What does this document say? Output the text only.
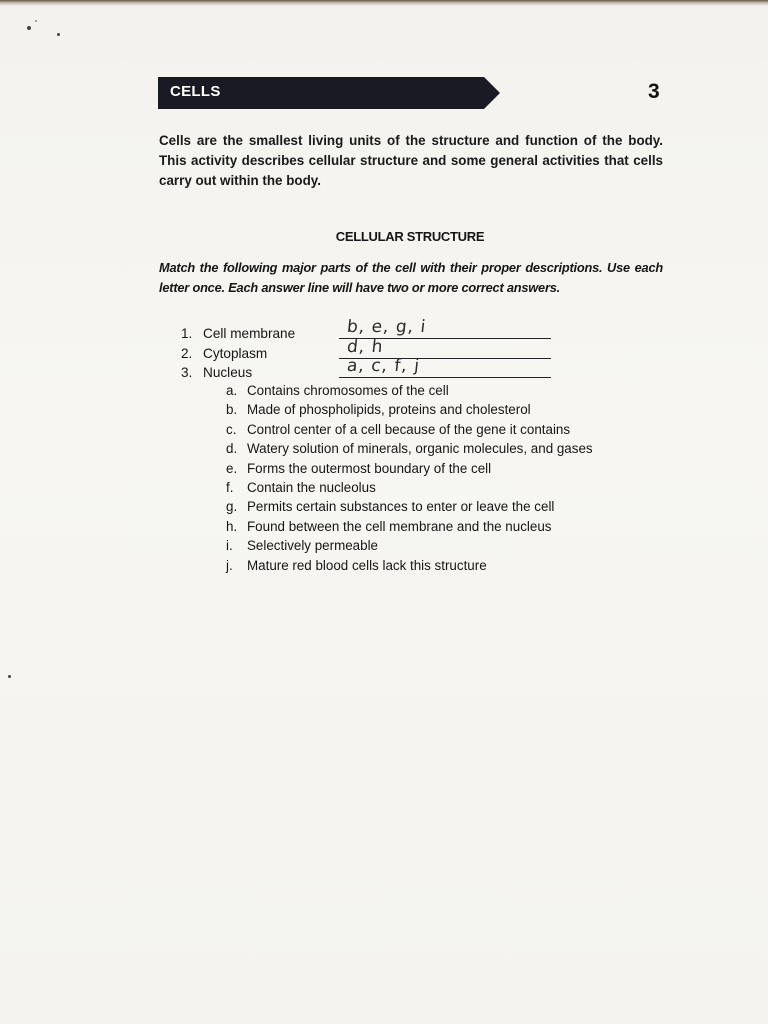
CELLS	3
Cells are the smallest living units of the structure and function of the body. This activity describes cellular structure and some general activities that cells carry out within the body.
CELLULAR STRUCTURE
Match the following major parts of the cell with their proper descriptions. Use each letter once. Each answer line will have two or more correct answers.
1. Cell membrane	b, e, g, i
2. Cytoplasm	d, h
3. Nucleus	a, c, f, j
a. Contains chromosomes of the cell
b. Made of phospholipids, proteins and cholesterol
c. Control center of a cell because of the gene it contains
d. Watery solution of minerals, organic molecules, and gases
e. Forms the outermost boundary of the cell
f. Contain the nucleolus
g. Permits certain substances to enter or leave the cell
h. Found between the cell membrane and the nucleus
i. Selectively permeable
j. Mature red blood cells lack this structure
